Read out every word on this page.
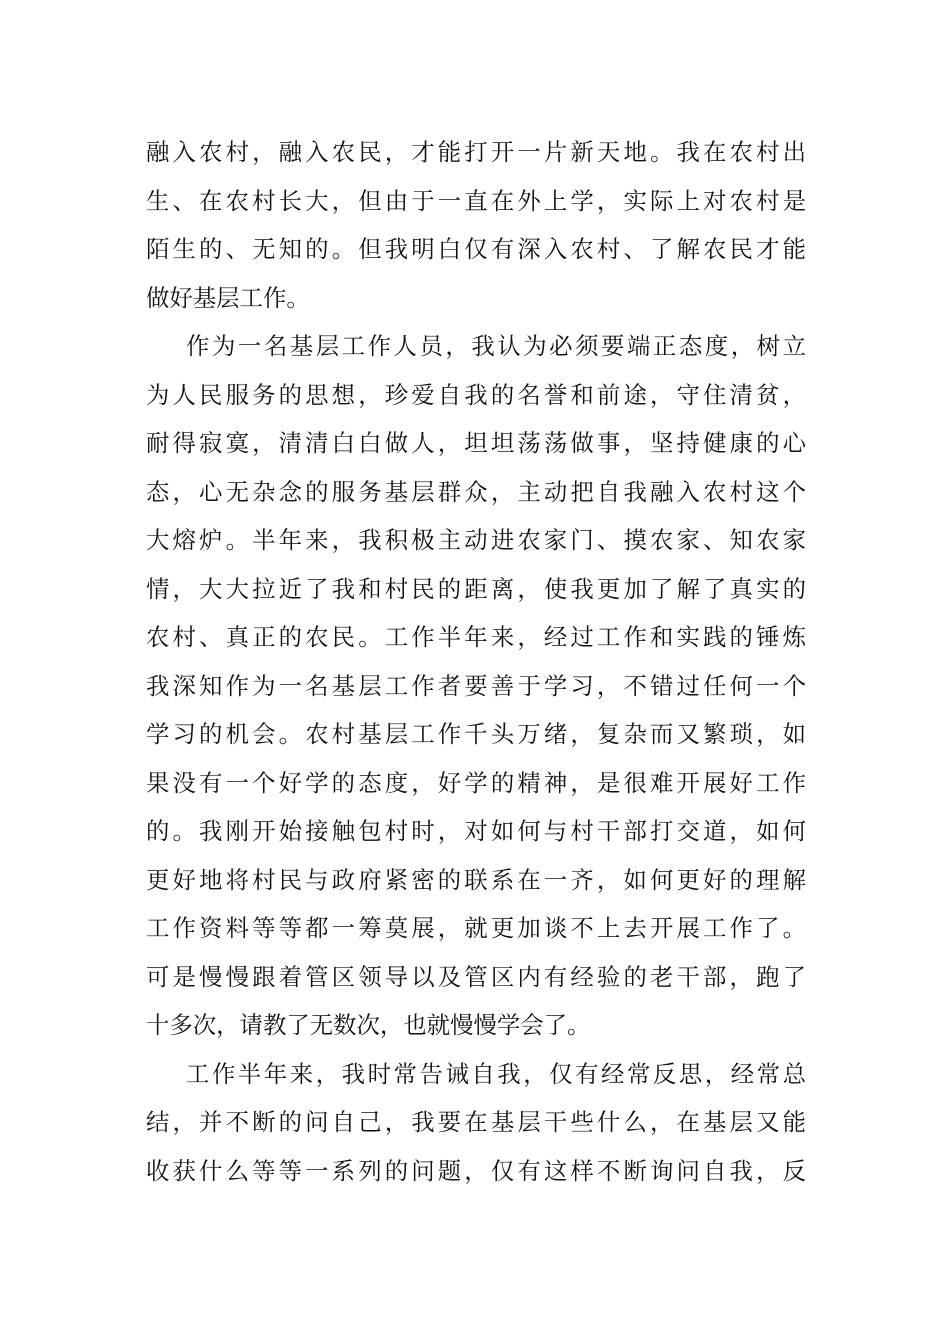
融入农村，融入农民，才能打开一片新天地。我在农村出
生、在农村长大，但由于一直在外上学，实际上对农村是
陌生的、无知的。但我明白仅有深入农村、了解农民才能
做好基层工作。
作为一名基层工作人员，我认为必须要端正态度，树立
为人民服务的思想，珍爱自我的名誉和前途，守住清贫，
耐得寂寞，清清白白做人，坦坦荡荡做事，坚持健康的心
态，心无杂念的服务基层群众，主动把自我融入农村这个
大熔炉。半年来，我积极主动进农家门、摸农家、知农家
情，大大拉近了我和村民的距离，使我更加了解了真实的
农村、真正的农民。工作半年来，经过工作和实践的锤炼
我深知作为一名基层工作者要善于学习，不错过任何一个
学习的机会。农村基层工作千头万绪，复杂而又繁琐，如
果没有一个好学的态度，好学的精神，是很难开展好工作
的。我刚开始接触包村时，对如何与村干部打交道，如何
更好地将村民与政府紧密的联系在一齐，如何更好的理解
工作资料等等都一筹莫展，就更加谈不上去开展工作了。
可是慢慢跟着管区领导以及管区内有经验的老干部，跑了
十多次，请教了无数次，也就慢慢学会了。
工作半年来，我时常告诫自我，仅有经常反思，经常总
结，并不断的问自己，我要在基层干些什么，在基层又能
收获什么等等一系列的问题，仅有这样不断询问自我，反
